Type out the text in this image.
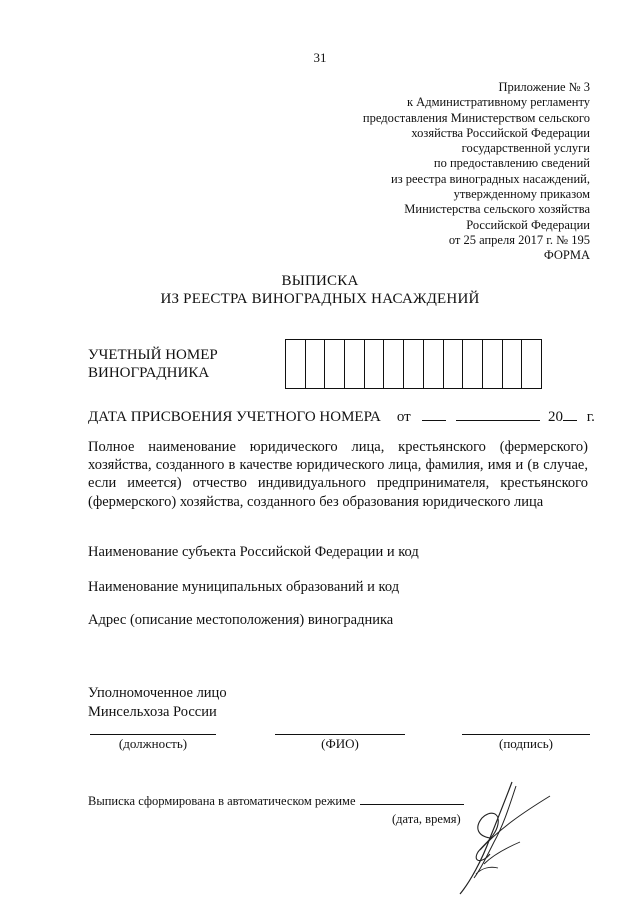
31
Приложение № 3
к Административному регламенту
предоставления Министерством сельского
хозяйства Российской Федерации
государственной услуги
по предоставлению сведений
из реестра виноградных насаждений,
утвержденному приказом
Министерства сельского хозяйства
Российской Федерации
от 25 апреля 2017 г. № 195
ФОРМА
ВЫПИСКА
ИЗ РЕЕСТРА ВИНОГРАДНЫХ НАСАЖДЕНИЙ
УЧЕТНЫЙ НОМЕР
ВИНОГРАДНИКА
ДАТА ПРИСВОЕНИЯ УЧЕТНОГО НОМЕРА от	20 г.
Полное наименование юридического лица, крестьянского (фермерского) хозяйства, созданного в качестве юридического лица, фамилия, имя и (в случае, если имеется) отчество индивидуального предпринимателя, крестьянского (фермерского) хозяйства, созданного без образования юридического лица
Наименование субъекта Российской Федерации и код
Наименование муниципальных образований и код
Адрес (описание местоположения) виноградника
Уполномоченное лицо
Минсельхоза России
(должность)	(ФИО)	(подпись)
Выписка сформирована в автоматическом режиме
(дата, время)
